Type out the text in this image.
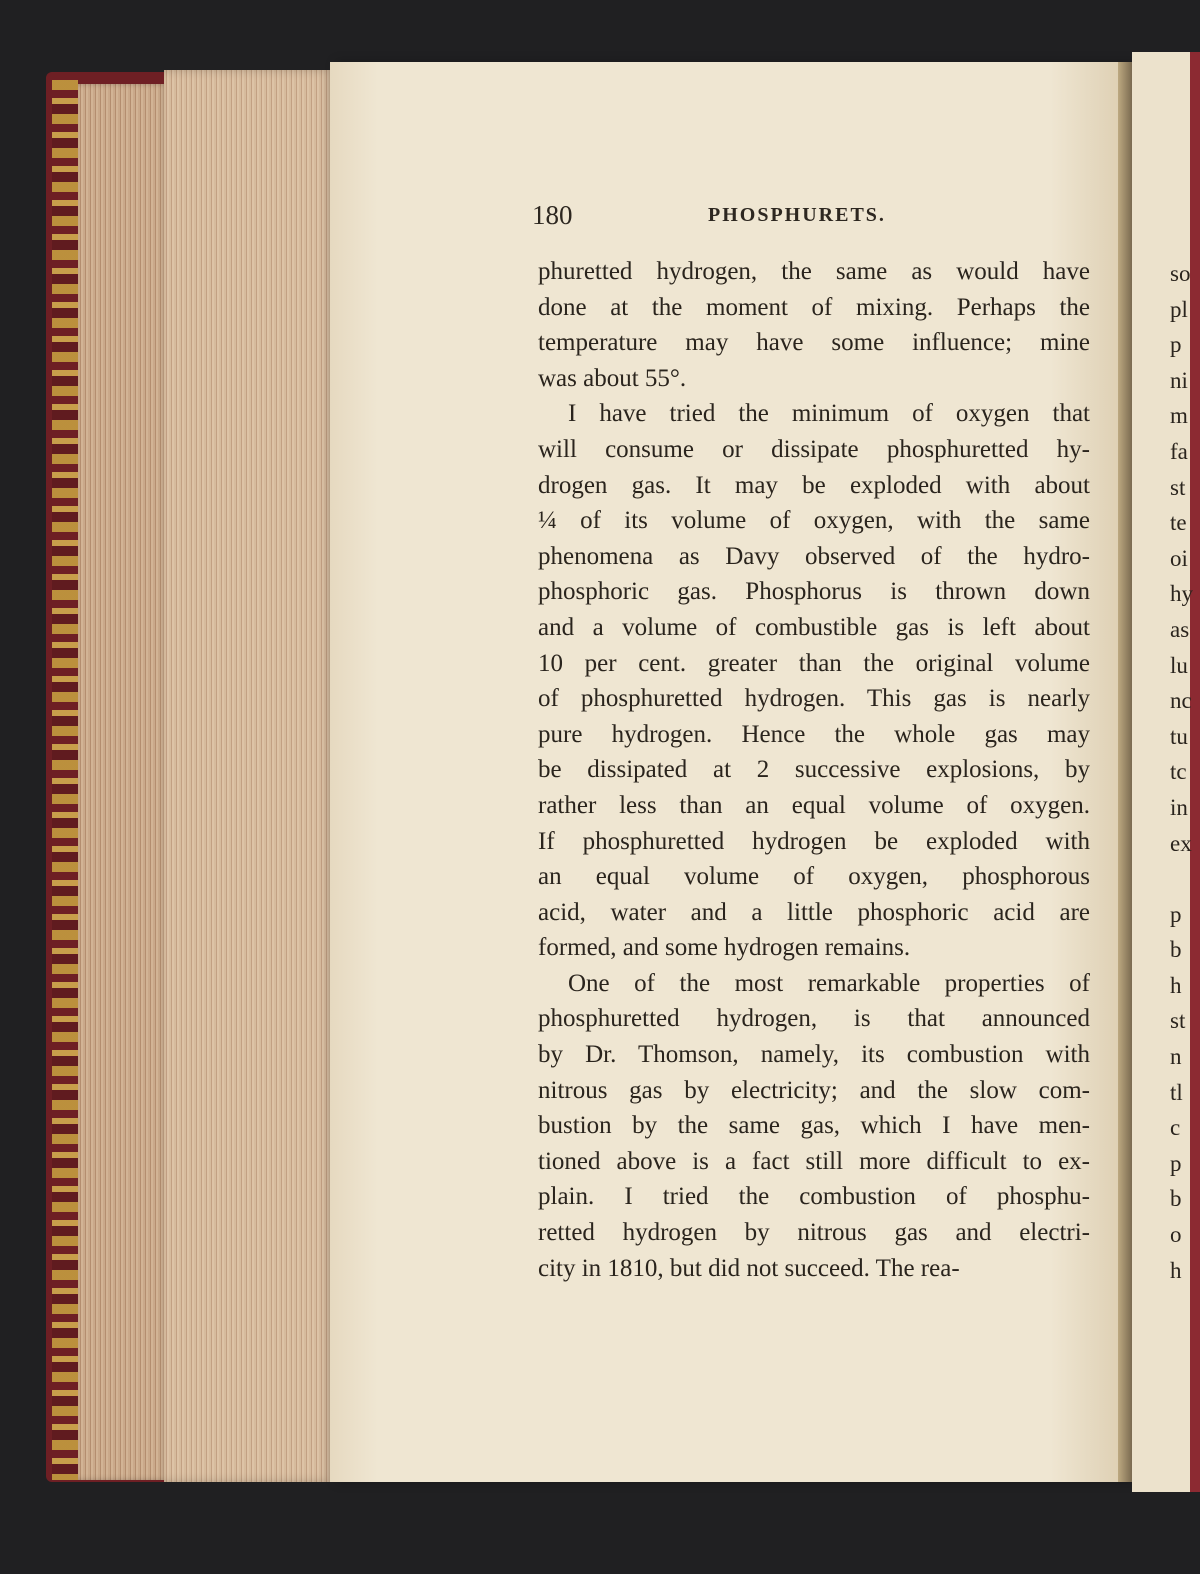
180	PHOSPHURETS.
phuretted hydrogen, the same as would have
done at the moment of mixing. Perhaps the
temperature may have some influence; mine
was about 55°.
I have tried the minimum of oxygen that
will consume or dissipate phosphuretted hy-
drogen gas. It may be exploded with about
¼ of its volume of oxygen, with the same
phenomena as Davy observed of the hydro-
phosphoric gas. Phosphorus is thrown down
and a volume of combustible gas is left about
10 per cent. greater than the original volume
of phosphuretted hydrogen. This gas is nearly
pure hydrogen. Hence the whole gas may
be dissipated at 2 successive explosions, by
rather less than an equal volume of oxygen.
If phosphuretted hydrogen be exploded with
an equal volume of oxygen, phosphorous
acid, water and a little phosphoric acid are
formed, and some hydrogen remains.
One of the most remarkable properties of
phosphuretted hydrogen, is that announced
by Dr. Thomson, namely, its combustion with
nitrous gas by electricity; and the slow com-
bustion by the same gas, which I have men-
tioned above is a fact still more difficult to ex-
plain. I tried the combustion of phosphu-
retted hydrogen by nitrous gas and electri-
city in 1810, but did not succeed. The rea-
so
pl
p
ni
m
fa
st
te
oi
hy
as
lu
nc
tu
tc
in
ex
p
b
h
st
n
tl
c
p
b
o
h
